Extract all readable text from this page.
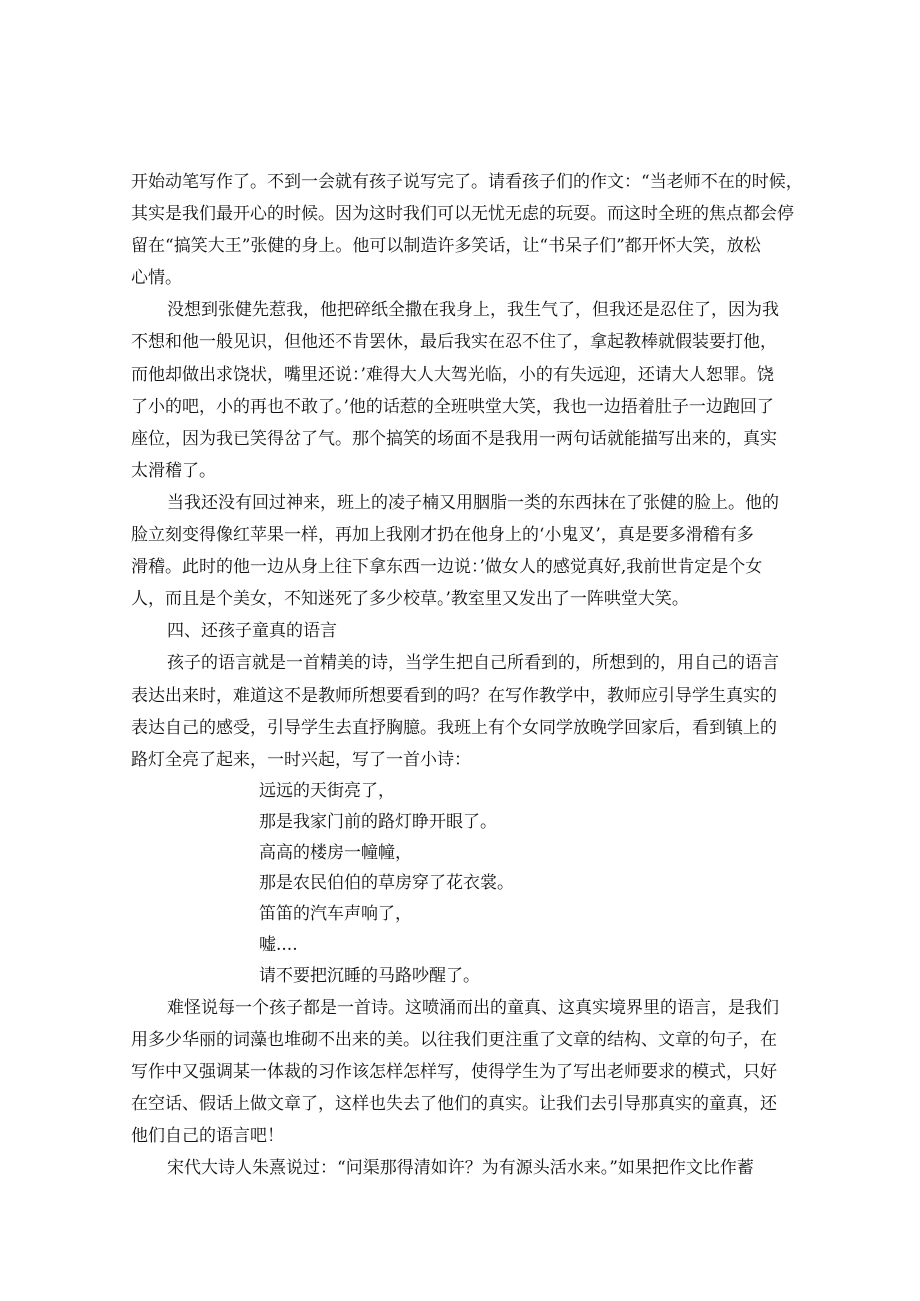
开始动笔写作了。不到一会就有孩子说写完了。请看孩子们的作文：“当老师不在的时候，
其实是我们最开心的时候。因为这时我们可以无忧无虑的玩耍。而这时全班的焦点都会停
留在“搞笑大王”张健的身上。他可以制造许多笑话，让“书呆子们”都开怀大笑，放松
心情。
没想到张健先惹我，他把碎纸全撒在我身上，我生气了，但我还是忍住了，因为我
不想和他一般见识，但他还不肯罢休，最后我实在忍不住了，拿起教棒就假装要打他，
而他却做出求饶状，嘴里还说：’难得大人大驾光临，小的有失远迎，还请大人恕罪。饶
了小的吧，小的再也不敢了。’他的话惹的全班哄堂大笑，我也一边捂着肚子一边跑回了
座位，因为我已笑得岔了气。那个搞笑的场面不是我用一两句话就能描写出来的，真实
太滑稽了。
当我还没有回过神来，班上的凌子楠又用胭脂一类的东西抹在了张健的脸上。他的
脸立刻变得像红苹果一样，再加上我刚才扔在他身上的‘小鬼叉’，真是要多滑稽有多
滑稽。此时的他一边从身上往下拿东西一边说：’做女人的感觉真好,我前世肯定是个女
人，而且是个美女，不知迷死了多少校草。’教室里又发出了一阵哄堂大笑。
四、还孩子童真的语言
孩子的语言就是一首精美的诗，当学生把自己所看到的，所想到的，用自己的语言
表达出来时，难道这不是教师所想要看到的吗？在写作教学中，教师应引导学生真实的
表达自己的感受，引导学生去直抒胸臆。我班上有个女同学放晚学回家后，看到镇上的
路灯全亮了起来，一时兴起，写了一首小诗：
远远的天街亮了，
那是我家门前的路灯睁开眼了。
高高的楼房一幢幢，
那是农民伯伯的草房穿了花衣裳。
笛笛的汽车声响了，
嘘....
请不要把沉睡的马路吵醒了。
难怪说每一个孩子都是一首诗。这喷涌而出的童真、这真实境界里的语言，是我们
用多少华丽的词藻也堆砌不出来的美。以往我们更注重了文章的结构、文章的句子，在
写作中又强调某一体裁的习作该怎样怎样写，使得学生为了写出老师要求的模式，只好
在空话、假话上做文章了，这样也失去了他们的真实。让我们去引导那真实的童真，还
他们自己的语言吧！
宋代大诗人朱熹说过：“问渠那得清如许？为有源头活水来。”如果把作文比作蓄
